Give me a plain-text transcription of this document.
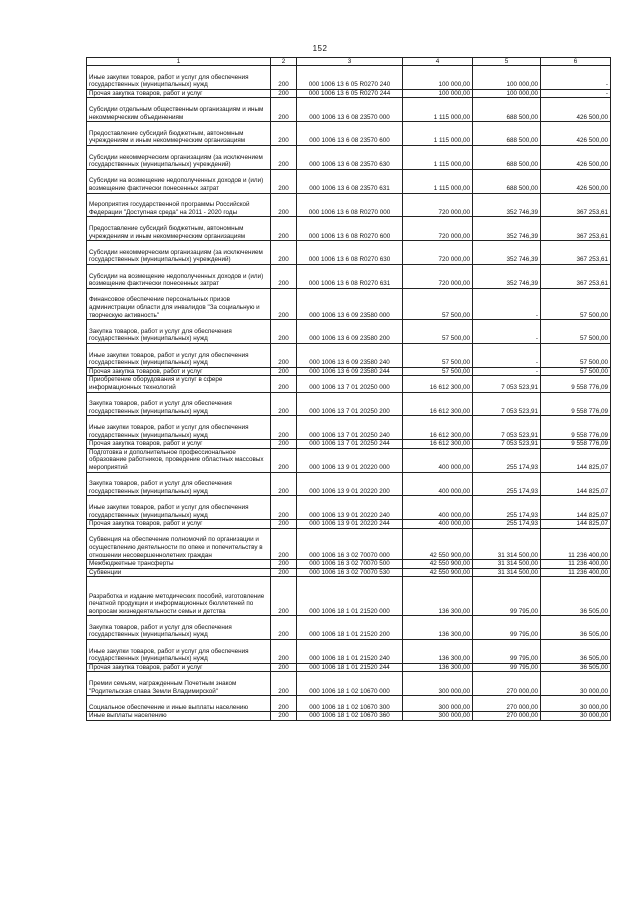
152
1	2	3	4	5	6
Иные закупки товаров, работ и услуг для обеспечения государственных (муниципальных) нужд	200	000 1006 13 6 05 R0270 240	100 000,00	100 000,00	-
Прочая закупка товаров, работ и услуг	200	000 1006 13 6 05 R0270 244	100 000,00	100 000,00	-
Субсидии отдельным общественным организациям и иным некоммерческим объединениям	200	000 1006 13 6 08 23570 000	1 115 000,00	688 500,00	426 500,00
Предоставление субсидий бюджетным, автономным учреждениям и иным некоммерческим организациям	200	000 1006 13 6 08 23570 600	1 115 000,00	688 500,00	426 500,00
Субсидии некоммерческим организациям (за исключением государственных (муниципальных) учреждений)	200	000 1006 13 6 08 23570 630	1 115 000,00	688 500,00	426 500,00
Субсидии на возмещение недополученных доходов и (или) возмещение фактически понесенных затрат	200	000 1006 13 6 08 23570 631	1 115 000,00	688 500,00	426 500,00
Мероприятия государственной программы Российской Федерации "Доступная среда" на 2011 - 2020 годы	200	000 1006 13 6 08 R0270 000	720 000,00	352 746,39	367 253,61
Предоставление субсидий бюджетным, автономным учреждениям и иным некоммерческим организациям	200	000 1006 13 6 08 R0270 600	720 000,00	352 746,39	367 253,61
Субсидии некоммерческим организациям (за исключением государственных (муниципальных) учреждений)	200	000 1006 13 6 08 R0270 630	720 000,00	352 746,39	367 253,61
Субсидии на возмещение недополученных доходов и (или) возмещение фактически понесенных затрат	200	000 1006 13 6 08 R0270 631	720 000,00	352 746,39	367 253,61
Финансовое обеспечение персональных призов администрации области для инвалидов "За социальную и творческую активность"	200	000 1006 13 6 09 23580 000	57 500,00	-	57 500,00
Закупка товаров, работ и услуг для обеспечения государственных (муниципальных) нужд	200	000 1006 13 6 09 23580 200	57 500,00	-	57 500,00
Иные закупки товаров, работ и услуг для обеспечения государственных (муниципальных) нужд	200	000 1006 13 6 09 23580 240	57 500,00	-	57 500,00
Прочая закупка товаров, работ и услуг	200	000 1006 13 6 09 23580 244	57 500,00	-	57 500,00
Приобретение оборудования и услуг в сфере информационных технологий	200	000 1006 13 7 01 20250 000	16 612 300,00	7 053 523,91	9 558 776,09
Закупка товаров, работ и услуг для обеспечения государственных (муниципальных) нужд	200	000 1006 13 7 01 20250 200	16 612 300,00	7 053 523,91	9 558 776,09
Иные закупки товаров, работ и услуг для обеспечения государственных (муниципальных) нужд	200	000 1006 13 7 01 20250 240	16 612 300,00	7 053 523,91	9 558 776,09
Прочая закупка товаров, работ и услуг	200	000 1006 13 7 01 20250 244	16 612 300,00	7 053 523,91	9 558 776,09
Подготовка и дополнительное профессиональное образование работников, проведение областных массовых мероприятий	200	000 1006 13 9 01 20220 000	400 000,00	255 174,93	144 825,07
Закупка товаров, работ и услуг для обеспечения государственных (муниципальных) нужд	200	000 1006 13 9 01 20220 200	400 000,00	255 174,93	144 825,07
Иные закупки товаров, работ и услуг для обеспечения государственных (муниципальных) нужд	200	000 1006 13 9 01 20220 240	400 000,00	255 174,93	144 825,07
Прочая закупка товаров, работ и услуг	200	000 1006 13 9 01 20220 244	400 000,00	255 174,93	144 825,07
Субвенция на обеспечение полномочий по организации и осуществлению деятельности по опеке и попечительству в отношении несовершеннолетних граждан	200	000 1006 16 3 02 70070 000	42 550 900,00	31 314 500,00	11 236 400,00
Межбюджетные трансферты	200	000 1006 16 3 02 70070 500	42 550 900,00	31 314 500,00	11 236 400,00
Субвенции	200	000 1006 16 3 02 70070 530	42 550 900,00	31 314 500,00	11 236 400,00
Разработка и издание методических пособий, изготовление печатной продукции и информационных бюллетеней по вопросам жизнедеятельности семьи и детства	200	000 1006 18 1 01 21520 000	136 300,00	99 795,00	36 505,00
Закупка товаров, работ и услуг для обеспечения государственных (муниципальных) нужд	200	000 1006 18 1 01 21520 200	136 300,00	99 795,00	36 505,00
Иные закупки товаров, работ и услуг для обеспечения государственных (муниципальных) нужд	200	000 1006 18 1 01 21520 240	136 300,00	99 795,00	36 505,00
Прочая закупка товаров, работ и услуг	200	000 1006 18 1 01 21520 244	136 300,00	99 795,00	36 505,00
Премии семьям, награжденным Почетным знаком "Родительская слава Земли Владимирской"	200	000 1006 18 1 02 10670 000	300 000,00	270 000,00	30 000,00
Социальное обеспечение и иные выплаты населению	200	000 1006 18 1 02 10670 300	300 000,00	270 000,00	30 000,00
Иные выплаты населению	200	000 1006 18 1 02 10670 360	300 000,00	270 000,00	30 000,00
